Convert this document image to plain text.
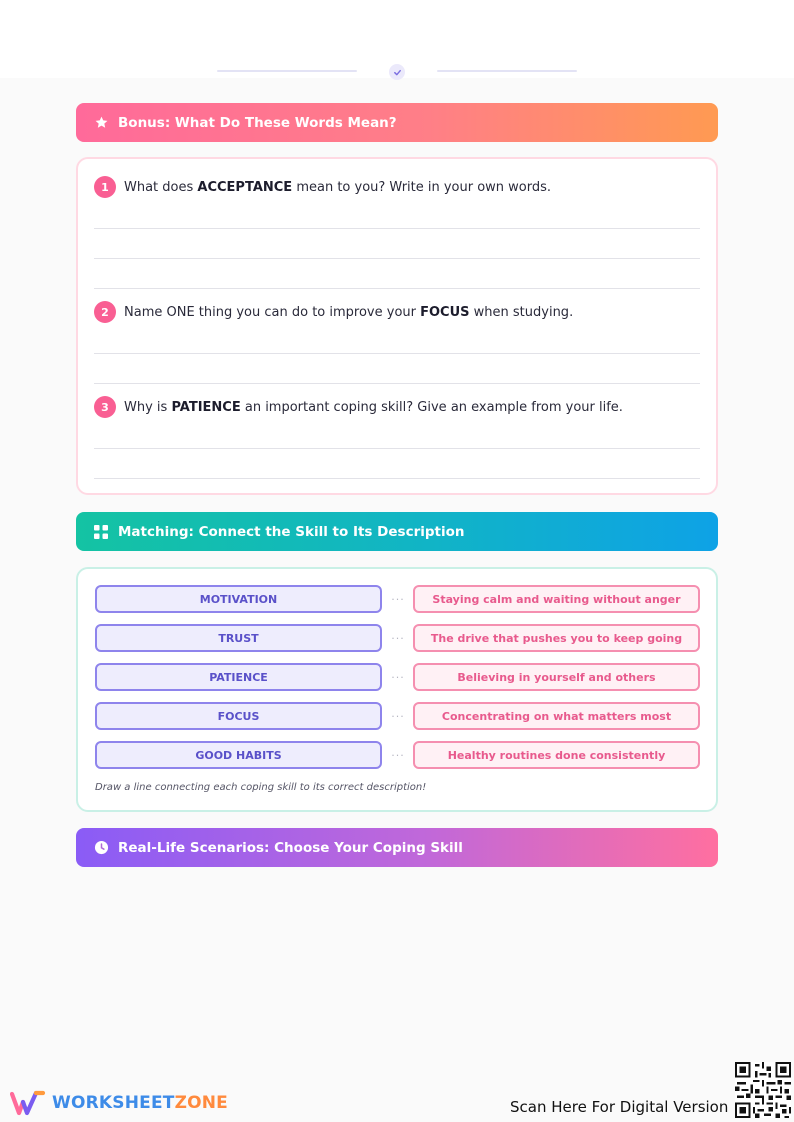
Bonus: What Do These Words Mean?
1	What does ACCEPTANCE mean to you? Write in your own words.
2	Name ONE thing you can do to improve your FOCUS when studying.
3	Why is PATIENCE an important coping skill? Give an example from your life.
Matching: Connect the Skill to Its Description
MOTIVATION	···	Staying calm and waiting without anger
TRUST	···	The drive that pushes you to keep going
PATIENCE	···	Believing in yourself and others
FOCUS	···	Concentrating on what matters most
GOOD HABITS	···	Healthy routines done consistently
Draw a line connecting each coping skill to its correct description!
Real-Life Scenarios: Choose Your Coping Skill
WORKSHEETZONE	Scan Here For Digital Version
